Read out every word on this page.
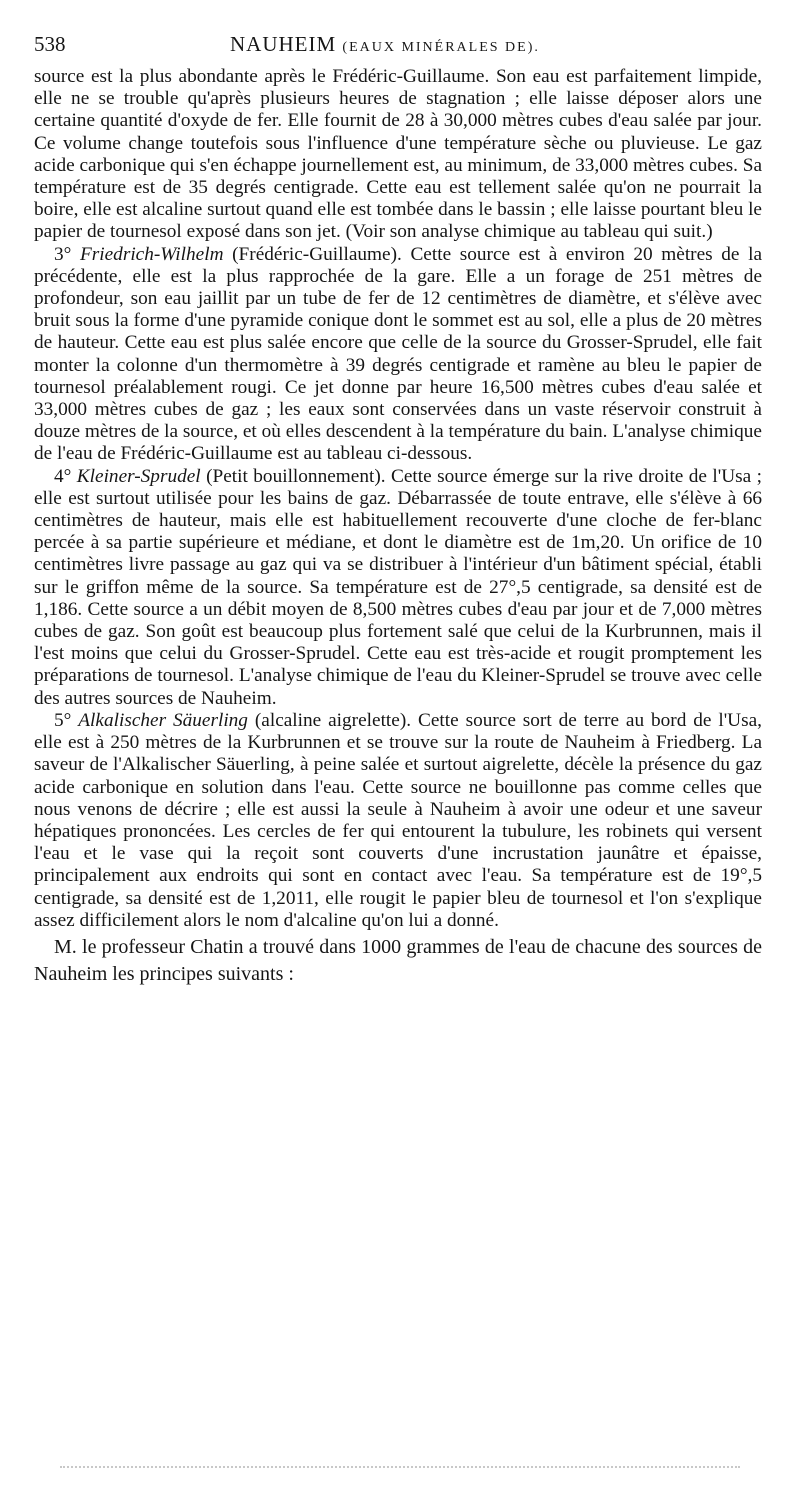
538	NAUHEIM (EAUX MINÉRALES DE).

source est la plus abondante après le Frédéric-Guillaume. Son eau est parfaitement limpide, elle ne se trouble qu'après plusieurs heures de stagnation ; elle laisse déposer alors une certaine quantité d'oxyde de fer. Elle fournit de 28 à 30,000 mètres cubes d'eau salée par jour. Ce volume change toutefois sous l'influence d'une température sèche ou pluvieuse. Le gaz acide carbonique qui s'en échappe journellement est, au minimum, de 33,000 mètres cubes. Sa température est de 35 degrés centigrade. Cette eau est tellement salée qu'on ne pourrait la boire, elle est alcaline surtout quand elle est tombée dans le bassin ; elle laisse pourtant bleu le papier de tournesol exposé dans son jet. (Voir son analyse chimique au tableau qui suit.)

3° Friedrich-Wilhelm (Frédéric-Guillaume). Cette source est à environ 20 mètres de la précédente, elle est la plus rapprochée de la gare. Elle a un forage de 251 mètres de profondeur, son eau jaillit par un tube de fer de 12 centimètres de diamètre, et s'élève avec bruit sous la forme d'une pyramide conique dont le sommet est au sol, elle a plus de 20 mètres de hauteur. Cette eau est plus salée encore que celle de la source du Grosser-Sprudel, elle fait monter la colonne d'un thermomètre à 39 degrés centigrade et ramène au bleu le papier de tournesol préalablement rougi. Ce jet donne par heure 16,500 mètres cubes d'eau salée et 33,000 mètres cubes de gaz ; les eaux sont conservées dans un vaste réservoir construit à douze mètres de la source, et où elles descendent à la température du bain. L'analyse chimique de l'eau de Frédéric-Guillaume est au tableau ci-dessous.

4° Kleiner-Sprudel (Petit bouillonnement). Cette source émerge sur la rive droite de l'Usa ; elle est surtout utilisée pour les bains de gaz. Débarrassée de toute entrave, elle s'élève à 66 centimètres de hauteur, mais elle est habituellement recouverte d'une cloche de fer-blanc percée à sa partie supérieure et médiane, et dont le diamètre est de 1m,20. Un orifice de 10 centimètres livre passage au gaz qui va se distribuer à l'intérieur d'un bâtiment spécial, établi sur le griffon même de la source. Sa température est de 27°,5 centigrade, sa densité est de 1,186. Cette source a un débit moyen de 8,500 mètres cubes d'eau par jour et de 7,000 mètres cubes de gaz. Son goût est beaucoup plus fortement salé que celui de la Kurbrunnen, mais il l'est moins que celui du Grosser-Sprudel. Cette eau est très-acide et rougit promptement les préparations de tournesol. L'analyse chimique de l'eau du Kleiner-Sprudel se trouve avec celle des autres sources de Nauheim.

5° Alkalischer Säuerling (alcaline aigrelette). Cette source sort de terre au bord de l'Usa, elle est à 250 mètres de la Kurbrunnen et se trouve sur la route de Nauheim à Friedberg. La saveur de l'Alkalischer Säuerling, à peine salée et surtout aigrelette, décèle la présence du gaz acide carbonique en solution dans l'eau. Cette source ne bouillonne pas comme celles que nous venons de décrire ; elle est aussi la seule à Nauheim à avoir une odeur et une saveur hépatiques prononcées. Les cercles de fer qui entourent la tubulure, les robinets qui versent l'eau et le vase qui la reçoit sont couverts d'une incrustation jaunâtre et épaisse, principalement aux endroits qui sont en contact avec l'eau. Sa température est de 19°,5 centigrade, sa densité est de 1,2011, elle rougit le papier bleu de tournesol et l'on s'explique assez difficilement alors le nom d'alcaline qu'on lui a donné.

M. le professeur Chatin a trouvé dans 1000 grammes de l'eau de chacune des sources de Nauheim les principes suivants :
